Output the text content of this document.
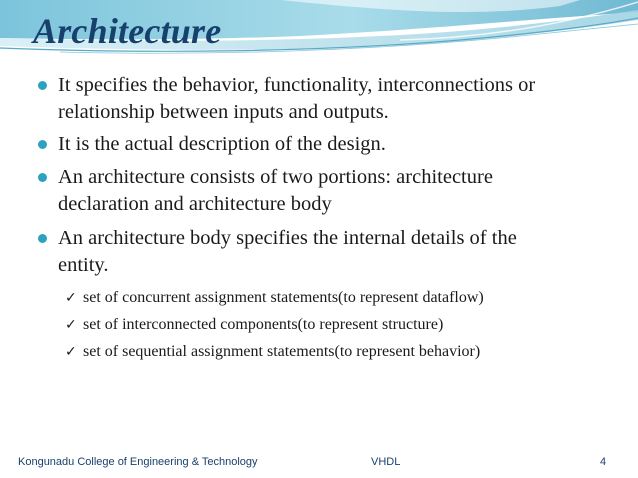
Architecture
It specifies the behavior, functionality, interconnections or
relationship between inputs and outputs.
It is the actual description of the design.
An architecture consists of two portions: architecture
declaration and architecture body
An architecture body specifies the internal details of the
entity.
✓ set of concurrent assignment statements(to represent dataflow)
✓ set of interconnected components(to represent structure)
✓ set of sequential assignment statements(to represent behavior)
Kongunadu College of Engineering & Technology	VHDL	4
